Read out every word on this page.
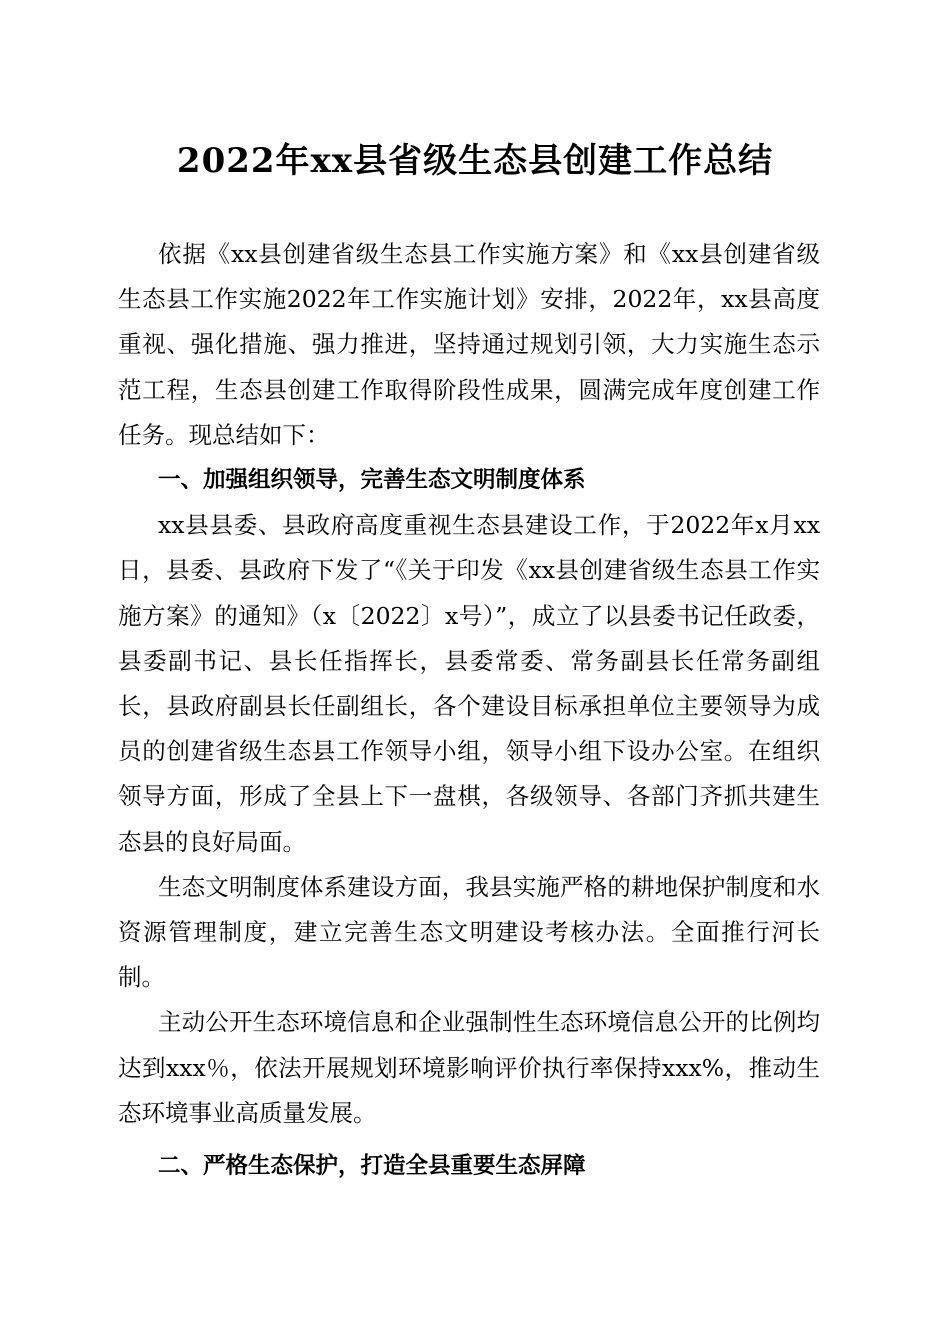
2022年xx县省级生态县创建工作总结

依据《xx县创建省级生态县工作实施方案》和《xx县创建省级生态县工作实施2022年工作实施计划》安排，2022年，xx县高度重视、强化措施、强力推进，坚持通过规划引领，大力实施生态示范工程，生态县创建工作取得阶段性成果，圆满完成年度创建工作任务。现总结如下：

一、加强组织领导，完善生态文明制度体系

xx县县委、县政府高度重视生态县建设工作，于2022年x月xx日，县委、县政府下发了“《关于印发《xx县创建省级生态县工作实施方案》的通知》（x〔2022〕x号）”，成立了以县委书记任政委，县委副书记、县长任指挥长，县委常委、常务副县长任常务副组长，县政府副县长任副组长，各个建设目标承担单位主要领导为成员的创建省级生态县工作领导小组，领导小组下设办公室。在组织领导方面，形成了全县上下一盘棋，各级领导、各部门齐抓共建生态县的良好局面。

生态文明制度体系建设方面，我县实施严格的耕地保护制度和水资源管理制度，建立完善生态文明建设考核办法。全面推行河长制。

主动公开生态环境信息和企业强制性生态环境信息公开的比例均达到xxx％，依法开展规划环境影响评价执行率保持xxx%，推动生态环境事业高质量发展。

二、严格生态保护，打造全县重要生态屏障
